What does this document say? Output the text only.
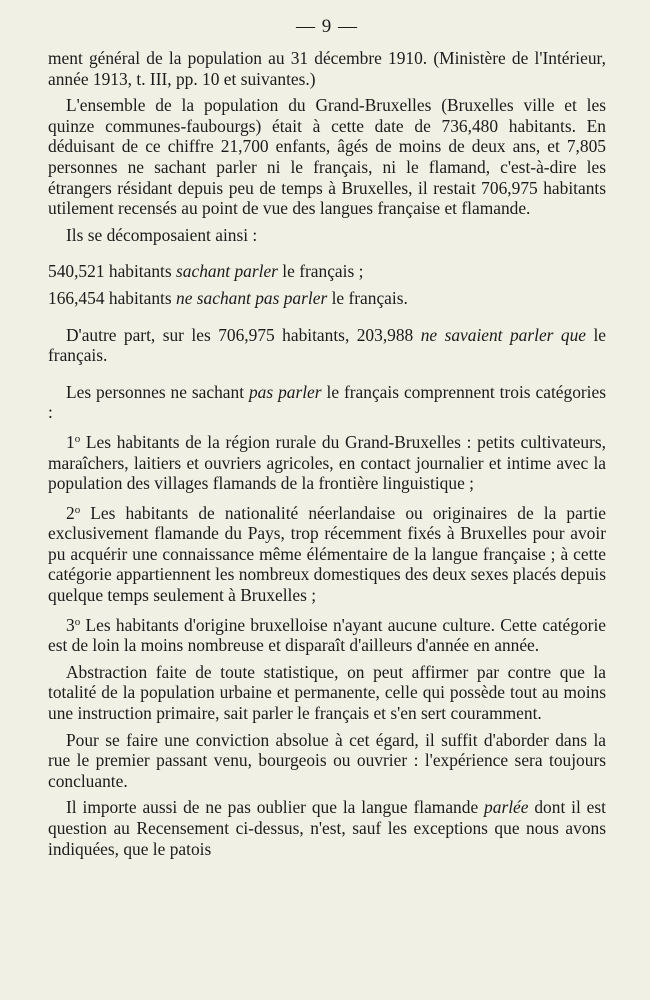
— 9 —

ment général de la population au 31 décembre 1910. (Ministère de l'Intérieur, année 1913, t. III, pp. 10 et suivantes.)

L'ensemble de la population du Grand-Bruxelles (Bruxelles ville et les quinze communes-faubourgs) était à cette date de 736,480 habitants. En déduisant de ce chiffre 21,700 enfants, âgés de moins de deux ans, et 7,805 personnes ne sachant parler ni le français, ni le flamand, c'est-à-dire les étrangers résidant depuis peu de temps à Bruxelles, il restait 706,975 habitants utilement recensés au point de vue des langues française et flamande.

Ils se décomposaient ainsi :

540,521 habitants sachant parler le français ;

166,454 habitants ne sachant pas parler le français.

D'autre part, sur les 706,975 habitants, 203,988 ne savaient parler que le français.

Les personnes ne sachant pas parler le français comprennent trois catégories :

1$^o$ Les habitants de la région rurale du Grand-Bruxelles : petits cultivateurs, maraîchers, laitiers et ouvriers agricoles, en contact journalier et intime avec la population des villages flamands de la frontière linguistique ;

2$^o$ Les habitants de nationalité néerlandaise ou originaires de la partie exclusivement flamande du Pays, trop récemment fixés à Bruxelles pour avoir pu acquérir une connaissance même élémentaire de la langue française ; à cette catégorie appartiennent les nombreux domestiques des deux sexes placés depuis quelque temps seulement à Bruxelles ;

3$^o$ Les habitants d'origine bruxelloise n'ayant aucune culture. Cette catégorie est de loin la moins nombreuse et disparaît d'ailleurs d'année en année.

Abstraction faite de toute statistique, on peut affirmer par contre que la totalité de la population urbaine et permanente, celle qui possède tout au moins une instruction primaire, sait parler le français et s'en sert couramment.

Pour se faire une conviction absolue à cet égard, il suffit d'aborder dans la rue le premier passant venu, bourgeois ou ouvrier : l'expérience sera toujours concluante.

Il importe aussi de ne pas oublier que la langue flamande parlée dont il est question au Recensement ci-dessus, n'est, sauf les exceptions que nous avons indiquées, que le patois
